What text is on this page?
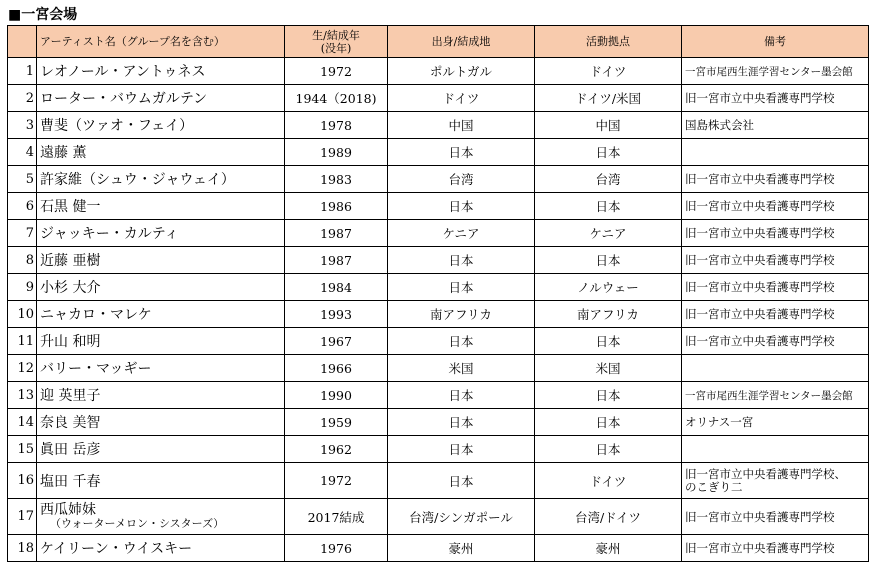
■一宮会場
	アーティスト名（グループ名を含む）	生/結成年
(没年)	出身/結成地	活動拠点	備考
1	レオノール・アントゥネス	1972	ポルトガル	ドイツ	一宮市尾西生涯学習センター墨会館
2	ローター・バウムガルテン	1944（2018)	ドイツ	ドイツ/米国	旧一宮市立中央看護専門学校
3	曹斐（ツァオ・フェイ）	1978	中国	中国	国島株式会社
4	遠藤 薫	1989	日本	日本	
5	許家維（シュウ・ジャウェイ）	1983	台湾	台湾	旧一宮市立中央看護専門学校
6	石黒 健一	1986	日本	日本	旧一宮市立中央看護専門学校
7	ジャッキー・カルティ	1987	ケニア	ケニア	旧一宮市立中央看護専門学校
8	近藤 亜樹	1987	日本	日本	旧一宮市立中央看護専門学校
9	小杉 大介	1984	日本	ノルウェー	旧一宮市立中央看護専門学校
10	ニャカロ・マレケ	1993	南アフリカ	南アフリカ	旧一宮市立中央看護専門学校
11	升山 和明	1967	日本	日本	旧一宮市立中央看護専門学校
12	バリー・マッギー	1966	米国	米国	
13	迎 英里子	1990	日本	日本	一宮市尾西生涯学習センター墨会館
14	奈良 美智	1959	日本	日本	オリナス一宮
15	眞田 岳彦	1962	日本	日本	
16	塩田 千春	1972	日本	ドイツ	旧一宮市立中央看護専門学校、
のこぎり二

17	西瓜姉妹
（ウォーターメロン・シスターズ）	2017結成	台湾/シンガポール	台湾/ドイツ	旧一宮市立中央看護専門学校
18	ケイリーン・ウイスキー	1976	豪州	豪州	旧一宮市立中央看護専門学校
